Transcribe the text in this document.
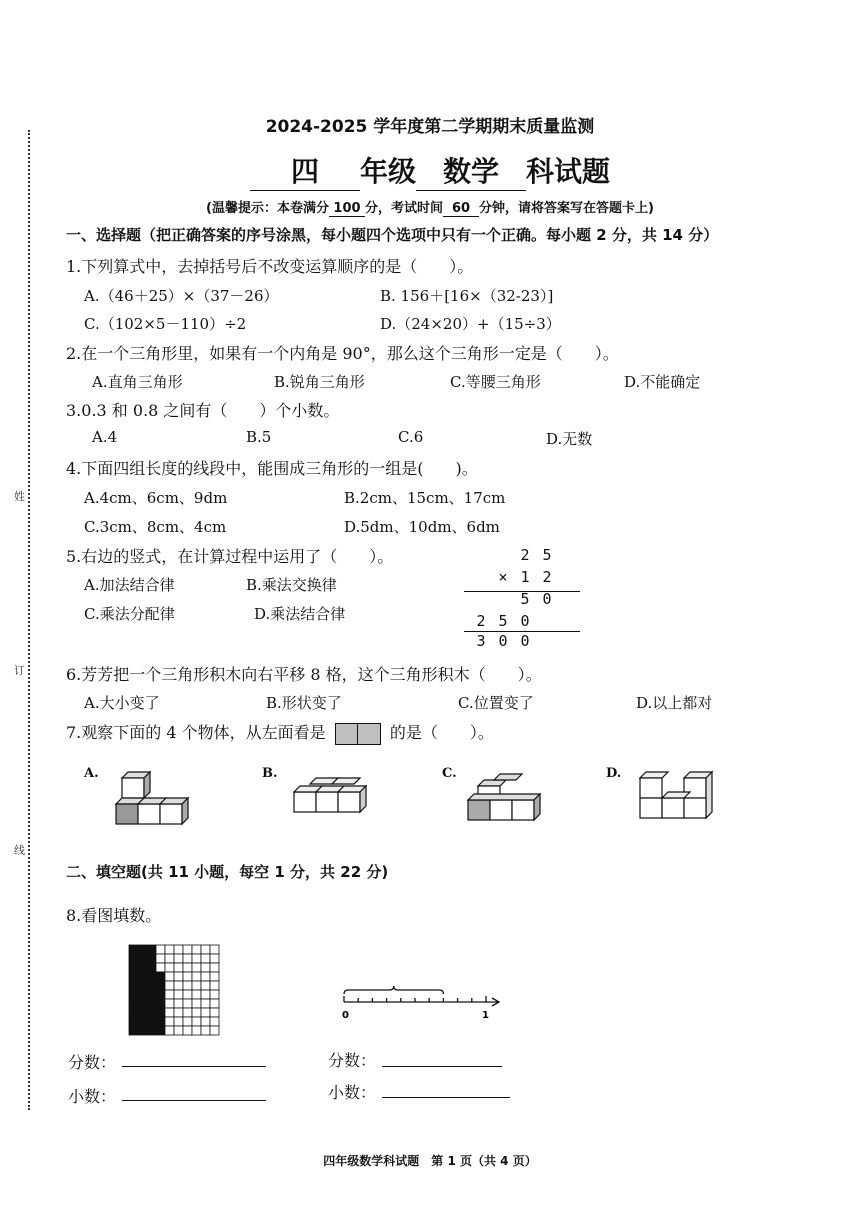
姓
订
线
2024-2025 学年度第二学期期末质量监测
四 年级 数学 科试题
(温馨提示：本卷满分 100 分，考试时间 60 分钟，请将答案写在答题卡上)
一、选择题（把正确答案的序号涂黑，每小题四个选项中只有一个正确。每小题 2 分，共 14 分）
1.下列算式中，去掉括号后不改变运算顺序的是（　　）。
A.（46＋25）×（37－26）	B. 156＋[16×（32-23）]
C.（102×5－110）÷2	D.（24×20）+（15÷3）
2.在一个三角形里，如果有一个内角是 90°，那么这个三角形一定是（　　）。
A.直角三角形	B.锐角三角形	C.等腰三角形	D.不能确定
3.0.3 和 0.8 之间有（　　）个小数。
A.4	B.5	C.6	D.无数
4.下面四组长度的线段中，能围成三角形的一组是(　　)。
A.4cm、6cm、9dm	B.2cm、15cm、17cm
C.3cm、8cm、4cm	D.5dm、10dm、6dm
5.右边的竖式，在计算过程中运用了（　　）。
A.加法结合律	B.乘法交换律
C.乘法分配律	D.乘法结合律
2 5
× 1 2
5 0
2 5 0
3 0 0
6.芳芳把一个三角形积木向右平移 8 格，这个三角形积木（　　）。
A.大小变了	B.形状变了	C.位置变了	D.以上都对
7.观察下面的 4 个物体，从左面看是	的是（　　）。
A.	B.	C.	D.
二、填空题(共 11 小题，每空 1 分，共 22 分)
8.看图填数。
0	1
分数：
小数：
分数：
小数：
四年级数学科试题　第 1 页（共 4 页）
